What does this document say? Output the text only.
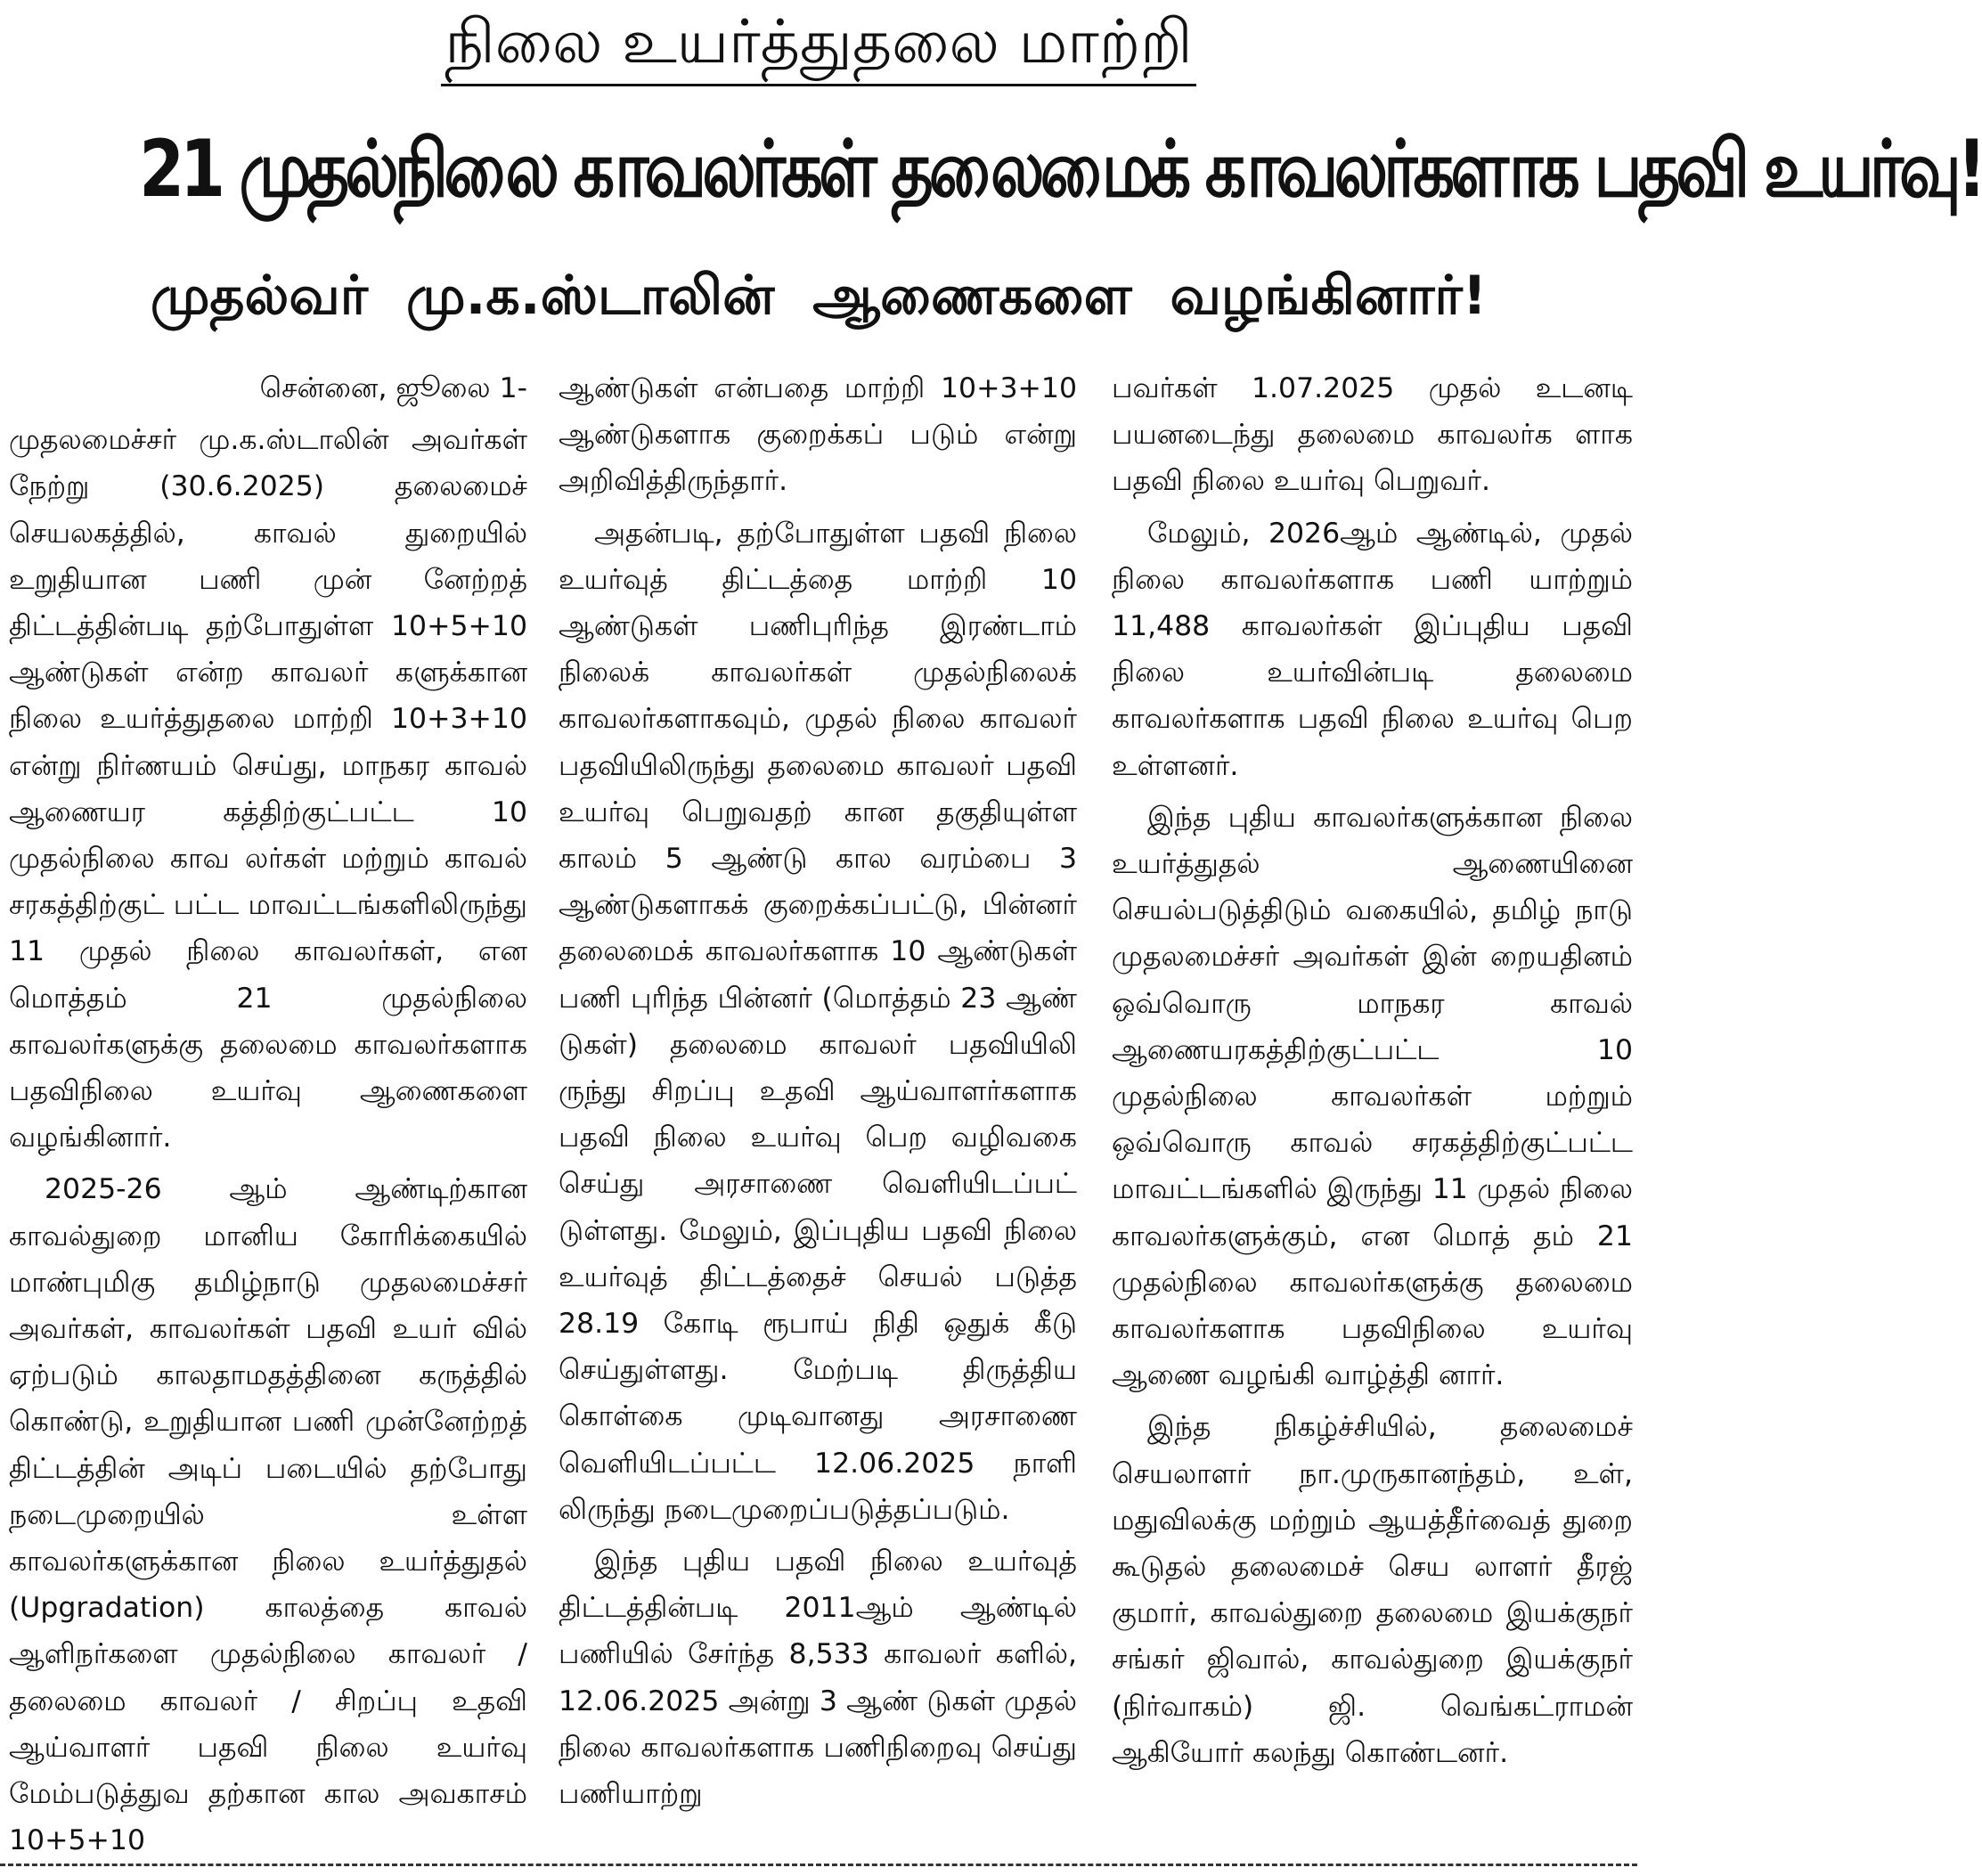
நிலை உயர்த்துதலை மாற்றி
21 முதல்நிலை காவலர்கள் தலைமைக் காவலர்களாக பதவி உயர்வு!
முதல்வர் மு.க.ஸ்டாலின் ஆணைகளை வழங்கினார்!

சென்னை, ஜூலை 1-

முதலமைச்சர் மு.க.ஸ்டாலின் அவர்கள் நேற்று (30.6.2025) தலைமைச் செயலகத்தில், காவல் துறையில் உறுதியான பணி முன் னேற்றத் திட்டத்தின்படி தற்போதுள்ள 10+5+10 ஆண்டுகள் என்ற காவலர் களுக்கான நிலை உயர்த்துதலை மாற்றி 10+3+10 என்று நிர்ணயம் செய்து, மாநகர காவல் ஆணையர கத்திற்குட்பட்ட 10 முதல்நிலை காவ லர்கள் மற்றும் காவல் சரகத்திற்குட் பட்ட மாவட்டங்களிலிருந்து 11 முதல் நிலை காவலர்கள், என மொத்தம் 21 முதல்நிலை காவலர்களுக்கு தலைமை காவலர்களாக பதவிநிலை உயர்வு ஆணைகளை வழங்கினார்.

2025-26 ஆம் ஆண்டிற்கான காவல்துறை மானிய கோரிக்கையில் மாண்புமிகு தமிழ்நாடு முதலமைச்சர் அவர்கள், காவலர்கள் பதவி உயர் வில் ஏற்படும் காலதாமதத்தினை கருத்தில் கொண்டு, உறுதியான பணி முன்னேற்றத் திட்டத்தின் அடிப் படையில் தற்போது நடைமுறையில் உள்ள காவலர்களுக்கான நிலை உயர்த்துதல் (Upgradation) காலத்தை காவல் ஆளிநர்களை முதல்நிலை காவலர் / தலைமை காவலர் / சிறப்பு உதவி ஆய்வாளர் பதவி நிலை உயர்வு மேம்படுத்துவ தற்கான கால அவகாசம் 10+5+10

ஆண்டுகள் என்பதை மாற்றி 10+3+10 ஆண்டுகளாக குறைக்கப் படும் என்று அறிவித்திருந்தார்.

அதன்படி, தற்போதுள்ள பதவி நிலை உயர்வுத் திட்டத்தை மாற்றி 10 ஆண்டுகள் பணிபுரிந்த இரண்டாம் நிலைக் காவலர்கள் முதல்நிலைக் காவலர்களாகவும், முதல் நிலை காவலர் பதவியிலிருந்து தலைமை காவலர் பதவி உயர்வு பெறுவதற் கான தகுதியுள்ள காலம் 5 ஆண்டு கால வரம்பை 3 ஆண்டுகளாகக் குறைக்கப்பட்டு, பின்னர் தலைமைக் காவலர்களாக 10 ஆண்டுகள் பணி புரிந்த பின்னர் (மொத்தம் 23 ஆண் டுகள்) தலைமை காவலர் பதவியிலி ருந்து சிறப்பு உதவி ஆய்வாளர்களாக பதவி நிலை உயர்வு பெற வழிவகை செய்து அரசாணை வெளியிடப்பட் டுள்ளது. மேலும், இப்புதிய பதவி நிலை உயர்வுத் திட்டத்தைச் செயல் படுத்த 28.19 கோடி ரூபாய் நிதி ஒதுக் கீடு செய்துள்ளது. மேற்படி திருத்திய கொள்கை முடிவானது அரசாணை வெளியிடப்பட்ட 12.06.2025 நாளி லிருந்து நடைமுறைப்படுத்தப்படும்.

இந்த புதிய பதவி நிலை உயர்வுத் திட்டத்தின்படி 2011ஆம் ஆண்டில் பணியில் சேர்ந்த 8,533 காவலர் களில், 12.06.2025 அன்று 3 ஆண் டுகள் முதல் நிலை காவலர்களாக பணிநிறைவு செய்து பணியாற்று

பவர்கள் 1.07.2025 முதல் உடனடி பயனடைந்து தலைமை காவலர்க ளாக பதவி நிலை உயர்வு பெறுவர்.

மேலும், 2026ஆம் ஆண்டில், முதல் நிலை காவலர்களாக பணி யாற்றும் 11,488 காவலர்கள் இப்புதிய பதவி நிலை உயர்வின்படி தலைமை காவலர்களாக பதவி நிலை உயர்வு பெற உள்ளனர்.

இந்த புதிய காவலர்களுக்கான நிலை உயர்த்துதல் ஆணையினை செயல்படுத்திடும் வகையில், தமிழ் நாடு முதலமைச்சர் அவர்கள் இன் றையதினம் ஒவ்வொரு மாநகர காவல் ஆணையரகத்திற்குட்பட்ட 10 முதல்நிலை காவலர்கள் மற்றும் ஒவ்வொரு காவல் சரகத்திற்குட்பட்ட மாவட்டங்களில் இருந்து 11 முதல் நிலை காவலர்களுக்கும், என மொத் தம் 21 முதல்நிலை காவலர்களுக்கு தலைமை காவலர்களாக பதவிநிலை உயர்வு ஆணை வழங்கி வாழ்த்தி னார்.

இந்த நிகழ்ச்சியில், தலைமைச் செயலாளர் நா.முருகானந்தம், உள், மதுவிலக்கு மற்றும் ஆயத்தீர்வைத் துறை கூடுதல் தலைமைச் செய லாளர் தீரஜ் குமார், காவல்துறை தலைமை இயக்குநர் சங்கர் ஜிவால், காவல்துறை இயக்குநர் (நிர்வாகம்) ஜி. வெங்கட்ராமன் ஆகியோர் கலந்து கொண்டனர்.
